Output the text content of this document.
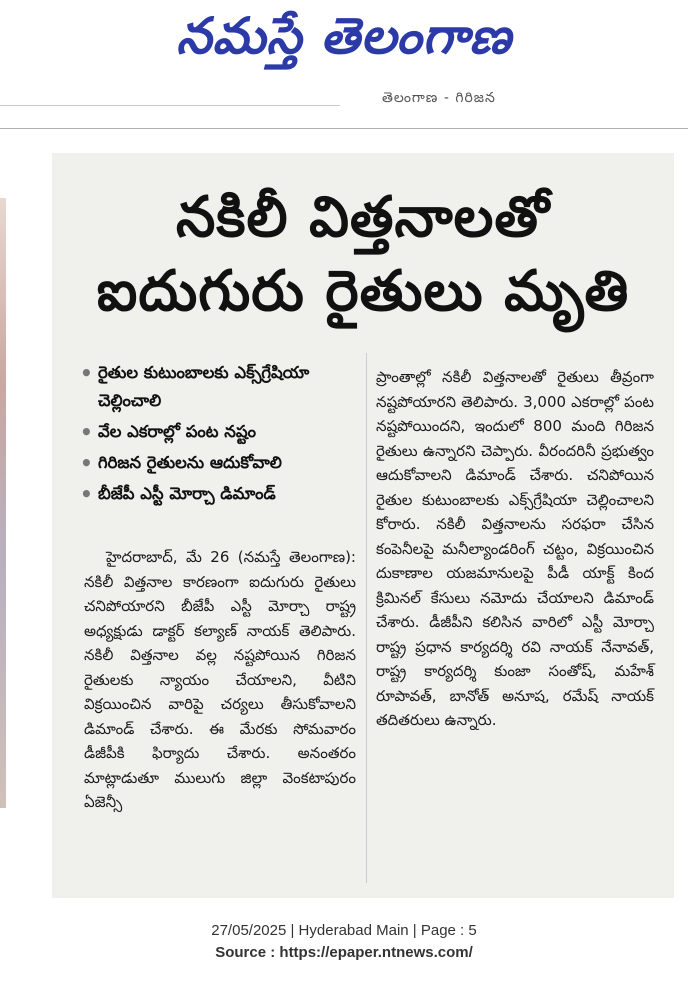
నమస్తే తెలంగాణ
తెలంగాణ - గిరిజన
నకిలీ విత్తనాలతో
ఐదుగురు రైతులు మృతి
• రైతుల కుటుంబాలకు ఎక్స్‌గ్రేషియా చెల్లించాలి
• వేల ఎకరాల్లో పంట నష్టం
• గిరిజన రైతులను ఆదుకోవాలి
• బీజేపీ ఎస్టీ మోర్చా డిమాండ్
హైదరాబాద్, మే 26 (నమస్తే తెలంగాణ): నకిలీ విత్తనాల కారణంగా ఐదుగురు రైతులు చనిపోయారని బీజేపీ ఎస్టీ మోర్చా రాష్ట్ర అధ్యక్షుడు డాక్టర్ కల్యాణ్ నాయక్ తెలిపారు. నకిలీ విత్తనాల వల్ల నష్టపోయిన గిరిజన రైతులకు న్యాయం చేయాలని, వీటిని విక్రయించిన వారిపై చర్యలు తీసుకోవాలని డిమాండ్ చేశారు. ఈ మేరకు సోమవారం డీజీపీకి ఫిర్యాదు చేశారు. అనంతరం మాట్లాడుతూ ములుగు జిల్లా వెంకటాపురం ఏజెన్సీ
ప్రాంతాల్లో నకిలీ విత్తనాలతో రైతులు తీవ్రంగా నష్టపోయారని తెలిపారు. 3,000 ఎకరాల్లో పంట నష్టపోయిందని, ఇందులో 800 మంది గిరిజన రైతులు ఉన్నారని చెప్పారు. వీరందరినీ ప్రభుత్వం ఆదుకోవాలని డిమాండ్ చేశారు. చనిపోయిన రైతుల కుటుంబాలకు ఎక్స్‌గ్రేషియా చెల్లించాలని కోరారు. నకిలీ విత్తనాలను సరఫరా చేసిన కంపెనీలపై మనీల్యాండరింగ్ చట్టం, విక్రయించిన దుకాణాల యజమానులపై పీడీ యాక్ట్ కింద క్రిమినల్ కేసులు నమోదు చేయాలని డిమాండ్ చేశారు. డీజీపీని కలిసిన వారిలో ఎస్టీ మోర్చా రాష్ట్ర ప్రధాన కార్యదర్శి రవి నాయక్ నేనావత్, రాష్ట్ర కార్యదర్శి కుంజా సంతోష్, మహేశ్ రూపావత్, బానోత్ అనూష, రమేష్ నాయక్ తదితరులు ఉన్నారు.
27/05/2025 | Hyderabad Main | Page : 5
Source : https://epaper.ntnews.com/
